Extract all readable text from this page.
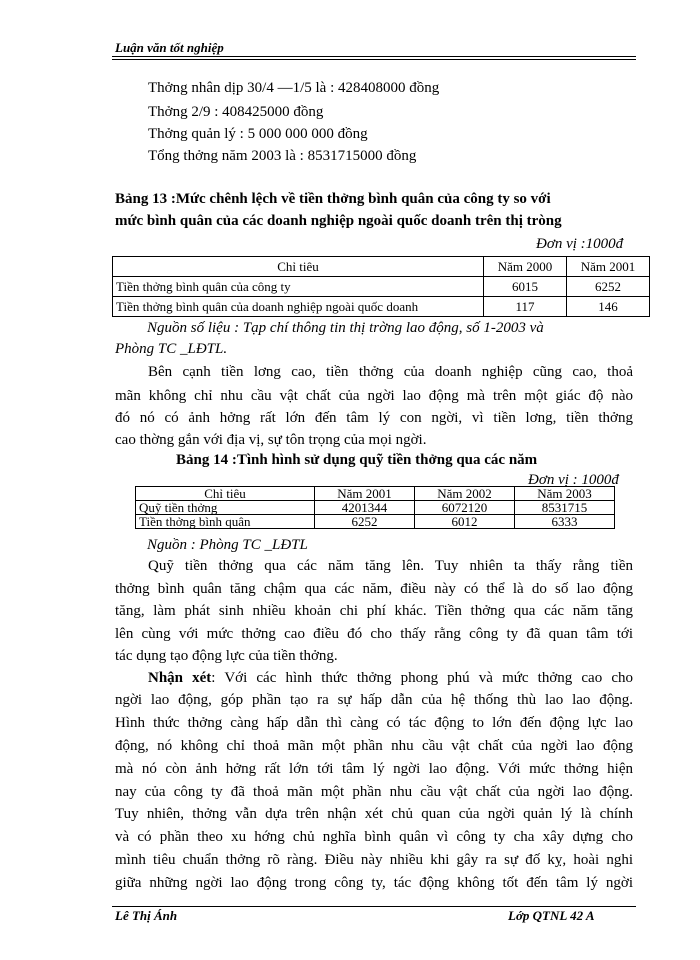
Luận văn tốt nghiệp
Thởng nhân dịp 30/4 —1/5 là : 428408000 đồng
Thởng 2/9 : 408425000 đồng
Thởng quản lý : 5 000 000 000 đồng
Tổng thởng năm 2003 là : 8531715000 đồng
Bảng 13 :Mức chênh lệch về tiền thởng bình quân của công ty so với
mức bình quân của các doanh nghiệp ngoài quốc doanh trên thị tròng
Đơn vị :1000đ
Chỉ tiêu	Năm 2000	Năm 2001
Tiền thởng bình quân của công ty	6015	6252
Tiền thởng bình quân của doanh nghiệp ngoài quốc doanh	117	146
Nguồn số liệu : Tạp chí thông tin thị trờng lao động, số 1-2003 và
Phòng TC _LĐTL.
Bên cạnh tiền lơng cao, tiền thởng của doanh nghiệp cũng cao, thoả
mãn không chỉ nhu cầu vật chất của ngời lao động mà trên một giác độ nào
đó nó có ảnh hởng rất lớn đến tâm lý con ngời, vì tiền lơng, tiền thởng
cao thờng gắn với địa vị, sự tôn trọng của mọi ngời.
Bảng 14 :Tình hình sử dụng quỹ tiền thởng qua các năm
Đơn vị : 1000đ
Chỉ tiêu	Năm 2001	Năm 2002	Năm 2003
Quỹ tiền thởng	4201344	6072120	8531715
Tiền thởng bình quân	6252	6012	6333
Nguồn : Phòng TC _LĐTL
Quỹ tiền thởng qua các năm tăng lên. Tuy nhiên ta thấy rằng tiền
thởng bình quân tăng chậm qua các năm, điều này có thể là do số lao động
tăng, làm phát sinh nhiều khoản chi phí khác. Tiền thởng qua các năm tăng
lên cùng với mức thởng cao điều đó cho thấy rằng công ty đã quan tâm tới
tác dụng tạo động lực của tiền thởng.
Nhận xét: Với các hình thức thởng phong phú và mức thởng cao cho
ngời lao động, góp phần tạo ra sự hấp dẫn của hệ thống thù lao lao động.
Hình thức thởng càng hấp dẫn thì càng có tác động to lớn đến động lực lao
động, nó không chỉ thoả mãn một phần nhu cầu vật chất của ngời lao động
mà nó còn ảnh hởng rất lớn tới tâm lý ngời lao động. Với mức thởng hiện
nay của công ty đã thoả mãn một phần nhu cầu vật chất của ngời lao động.
Tuy nhiên, thởng vẫn dựa trên nhận xét chủ quan của ngời quản lý là chính
và có phần theo xu hớng chủ nghĩa bình quân vì công ty cha xây dựng cho
mình tiêu chuẩn thởng rõ ràng. Điều này nhiều khi gây ra sự đố kỵ, hoài nghi
giữa những ngời lao động trong công ty, tác động không tốt đến tâm lý ngời
Lê Thị Ánh	Lớp QTNL 42 A
